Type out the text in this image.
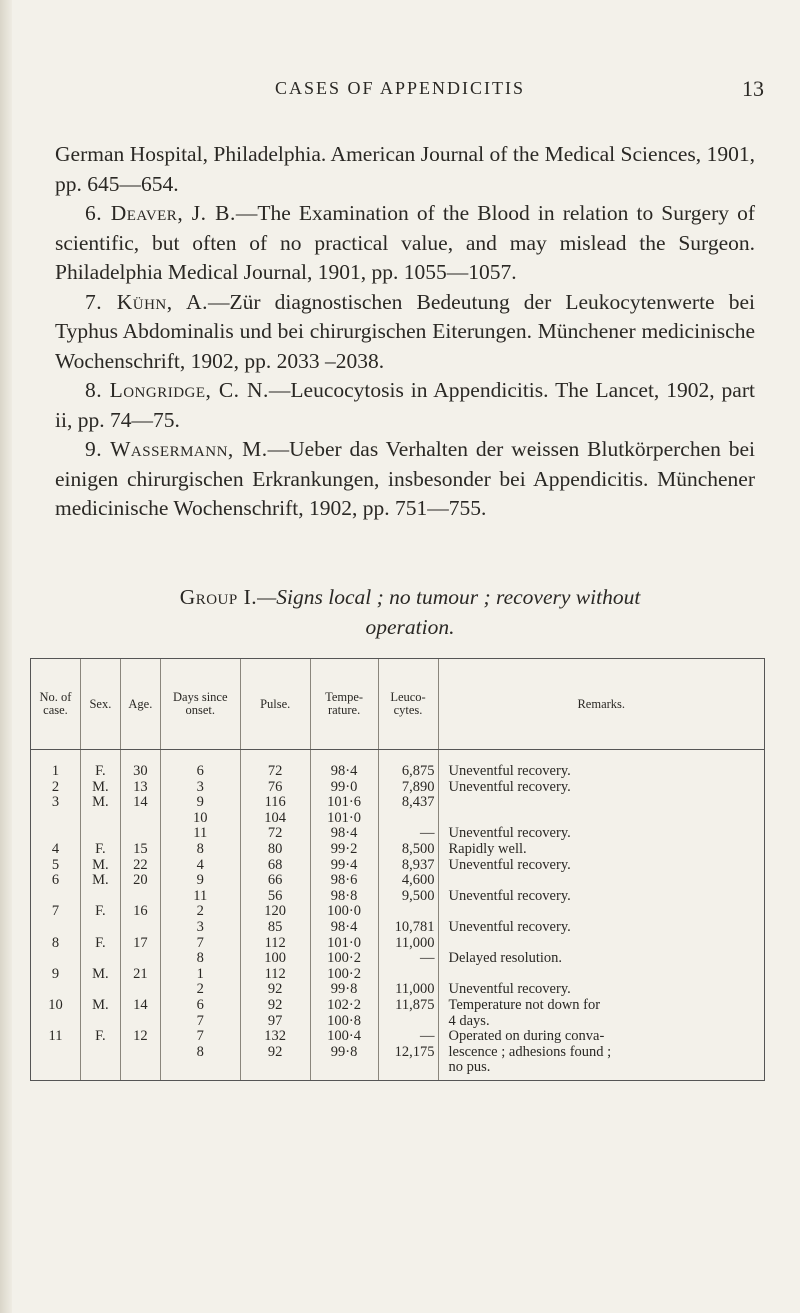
CASES OF APPENDICITIS	13

German Hospital, Philadelphia. American Journal of the Medical Sciences, 1901, pp. 645—654.

6. Deaver, J. B.—The Examination of the Blood in relation to Surgery of scientific, but often of no practical value, and may mislead the Surgeon. Philadelphia Medical Journal, 1901, pp. 1055—1057.

7. Kühn, A.—Zür diagnostischen Bedeutung der Leukocytenwerte bei Typhus Abdominalis und bei chirurgischen Eiterungen. Münchener medicinische Wochenschrift, 1902, pp. 2033 –2038.

8. Longridge, C. N.—Leucocytosis in Appendicitis. The Lancet, 1902, part ii, pp. 74—75.

9. Wassermann, M.—Ueber das Verhalten der weissen Blutkörperchen bei einigen chirurgischen Erkrankungen, insbesonder bei Appendicitis. Münchener medicinische Wochenschrift, 1902, pp. 751—755.

Group I.—Signs local ; no tumour ; recovery without
operation.
No. of case.	Sex.	Age.	Days since onset.	Pulse.	Tempe-rature.	Leuco-cytes.	Remarks.
1	F.	30	6	72	98·4	6,875	Uneventful recovery.
2	M.	13	3	76	99·0	7,890	Uneventful recovery.
3	M.	14	9	116	101·6	8,437	
			10	104	101·0		
			11	72	98·4	—	Uneventful recovery.
4	F.	15	8	80	99·2	8,500	Rapidly well.
5	M.	22	4	68	99·4	8,937	Uneventful recovery.
6	M.	20	9	66	98·6	4,600	
			11	56	98·8	9,500	Uneventful recovery.
7	F.	16	2	120	100·0		
			3	85	98·4	10,781	Uneventful recovery.
8	F.	17	7	112	101·0	11,000	
			8	100	100·2	—	Delayed resolution.
9	M.	21	1	112	100·2		
			2	92	99·8	11,000	Uneventful recovery.
10	M.	14	6	92	102·2	11,875	Temperature not down for
			7	97	100·8		4 days.
11	F.	12	7	132	100·4	—	Operated on during conva-
			8	92	99·8	12,175	lescence ; adhesions found ;
							no pus.
